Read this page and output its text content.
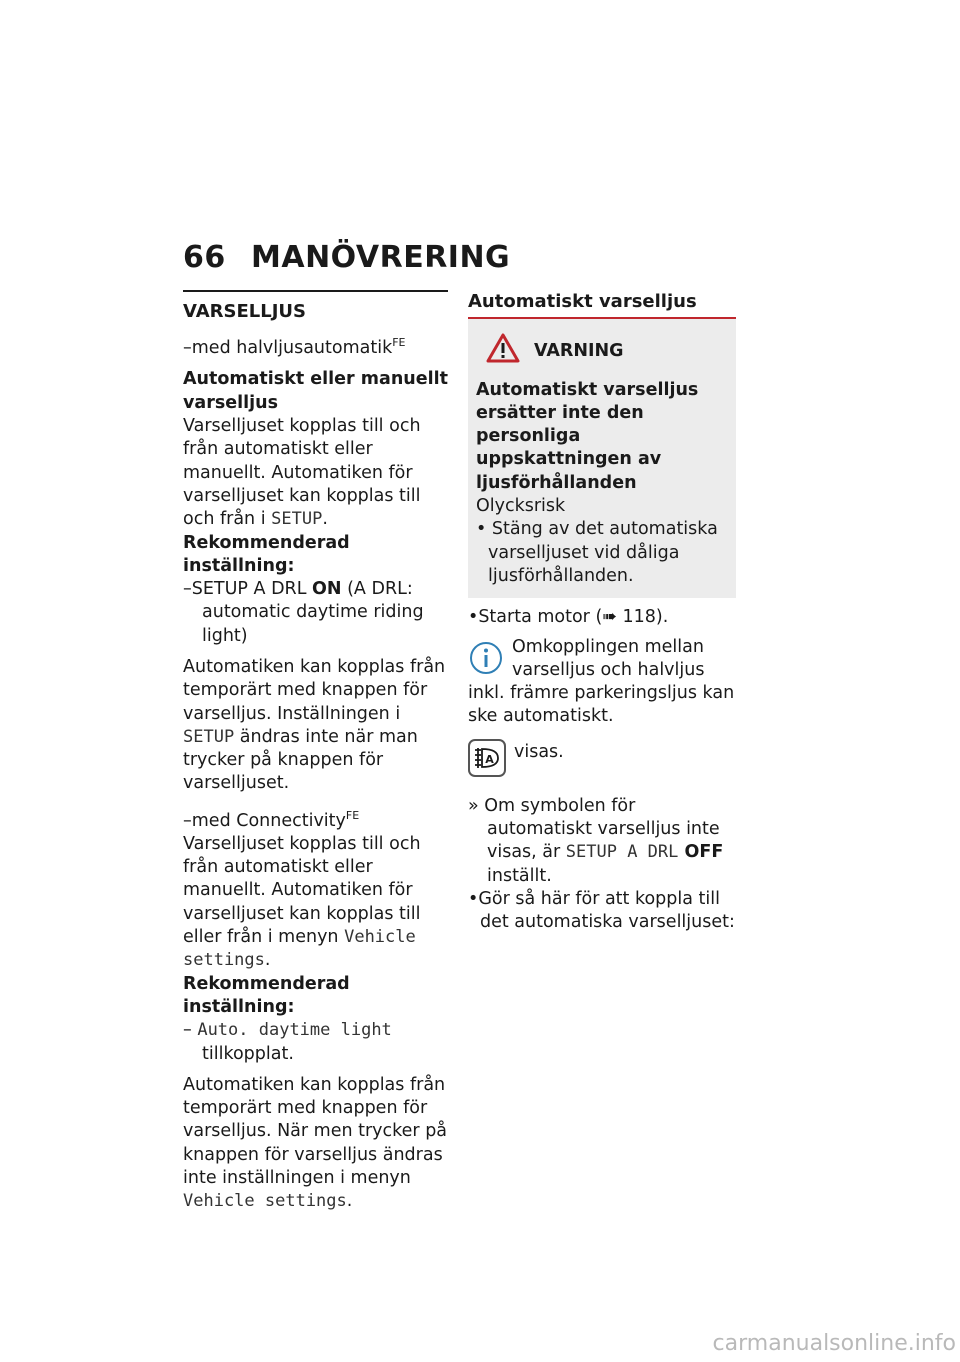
66 MANÖVRERING
VARSELLJUS

–med halvljusautomatik$^{FE}$

Automatiskt eller manuellt varselljus

Varselljuset kopplas till och från automatiskt eller manuellt. Automatiken för varselljuset kan kopplas till och från i SETUP.

Rekommenderad inställning:

–SETUP A DRL ON (A DRL: automatic daytime riding light)

Automatiken kan kopplas från temporärt med knappen för varselljus. Inställningen i SETUP ändras inte när man trycker på knappen för varselljuset.

–med Connectivity$^{FE}$

Varselljuset kopplas till och från automatiskt eller manuellt. Automatiken för varselljuset kan kopplas till eller från i menyn Vehicle settings.

Rekommenderad inställning:

– Auto. daytime light tillkopplat.

Automatiken kan kopplas från temporärt med knappen för varselljus. När men trycker på knappen för varselljus ändras inte inställningen i menyn Vehicle settings.

Automatiskt varselljus
VARNING

Automatiskt varselljus ersätter inte den personliga uppskattningen av ljusförhållanden

Olycksrisk

• Stäng av det automatiska varselljuset vid dåliga ljusförhållanden.

•Starta motor (➠ 118).

Omkopplingen mellan varselljus och halvljus inkl. främre parkeringsljus kan ske automatiskt.

A	visas.

» Om symbolen för automatiskt varselljus inte visas, är SETUP A DRL OFF inställt.

•Gör så här för att koppla till det automatiska varselljuset:

carmanualsonline.info
